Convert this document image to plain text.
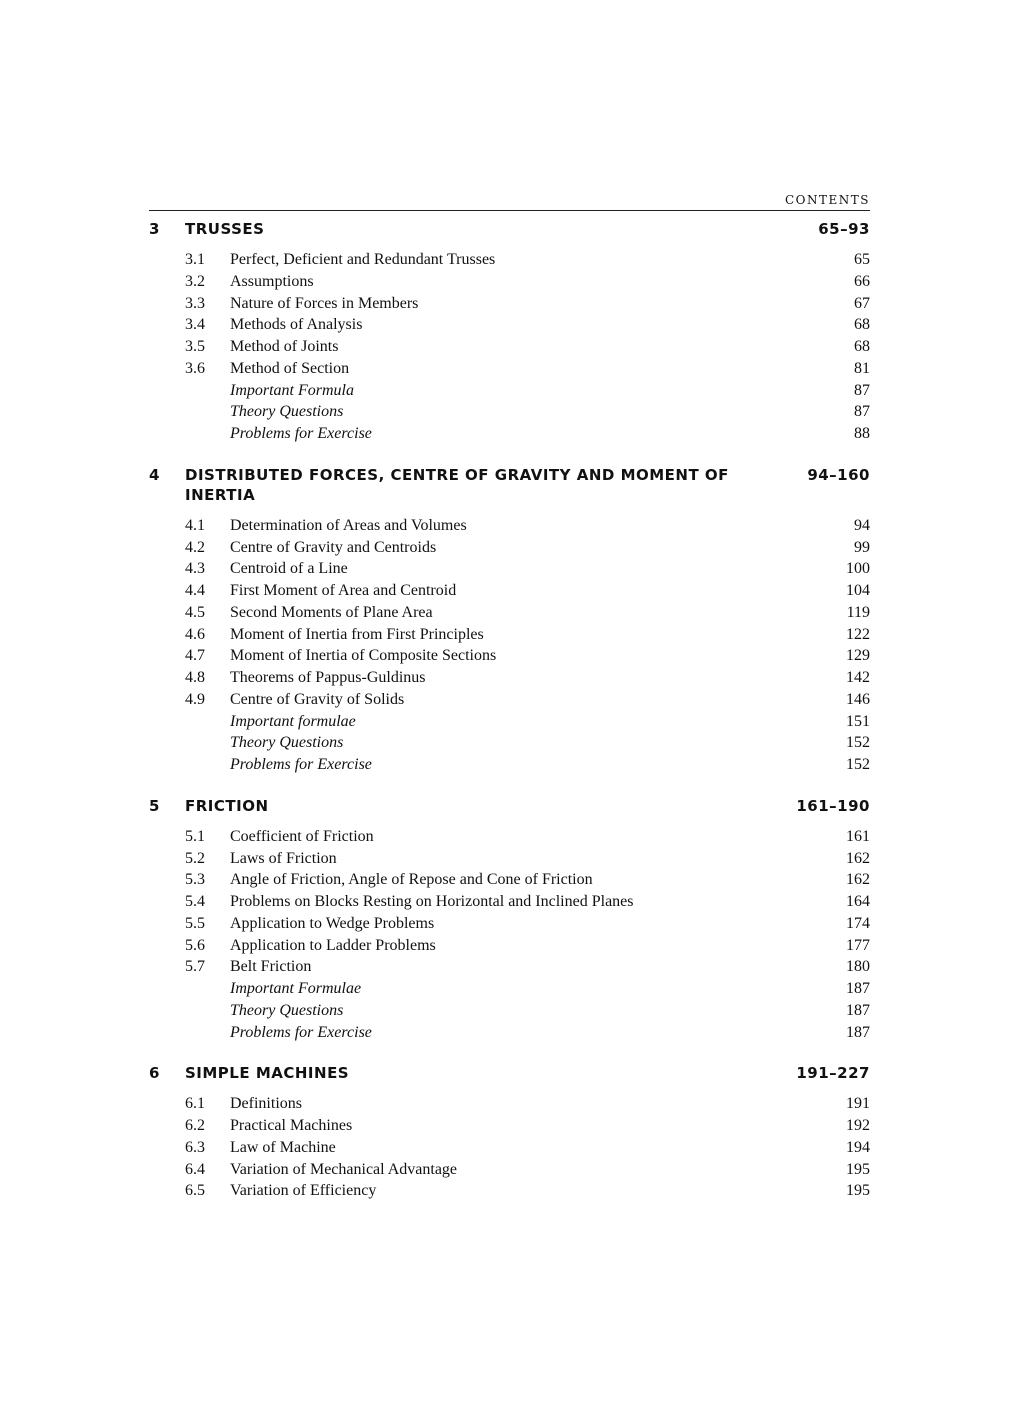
CONTENTS
3 TRUSSES	65–93
3.1	Perfect, Deficient and Redundant Trusses	65
3.2	Assumptions	66
3.3	Nature of Forces in Members	67
3.4	Methods of Analysis	68
3.5	Method of Joints	68
3.6	Method of Section	81
Important Formula	87
Theory Questions	87
Problems for Exercise	88
4 DISTRIBUTED FORCES, CENTRE OF GRAVITY AND MOMENT OF INERTIA
94–160
4.1	Determination of Areas and Volumes	94
4.2	Centre of Gravity and Centroids	99
4.3	Centroid of a Line	100
4.4	First Moment of Area and Centroid	104
4.5	Second Moments of Plane Area	119
4.6	Moment of Inertia from First Principles	122
4.7	Moment of Inertia of Composite Sections	129
4.8	Theorems of Pappus-Guldinus	142
4.9	Centre of Gravity of Solids	146
Important formulae	151
Theory Questions	152
Problems for Exercise	152
5 FRICTION	161–190
5.1	Coefficient of Friction	161
5.2	Laws of Friction	162
5.3	Angle of Friction, Angle of Repose and Cone of Friction	162
5.4	Problems on Blocks Resting on Horizontal and Inclined Planes	164
5.5	Application to Wedge Problems	174
5.6	Application to Ladder Problems	177
5.7	Belt Friction	180
Important Formulae	187
Theory Questions	187
Problems for Exercise	187
6 SIMPLE MACHINES	191–227
6.1	Definitions	191
6.2	Practical Machines	192
6.3	Law of Machine	194
6.4	Variation of Mechanical Advantage	195
6.5	Variation of Efficiency	195
